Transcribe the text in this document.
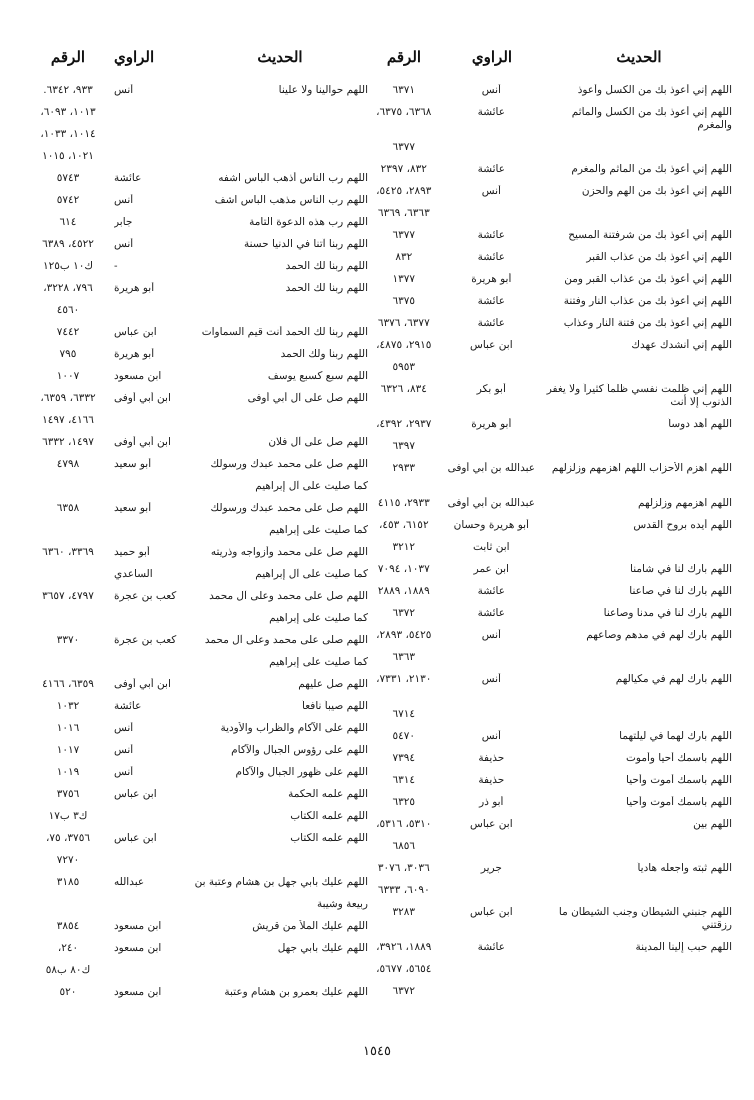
الحديث
الراوي
الرقم
اللهم إني أعوذ بك من الكسل وأعوذ
أنس
٦٣٧١
اللهم إني أعوذ بك من الكسل والمأثم والمغرم
عائشة
٦٣٦٨، ٦٣٧٥،
٦٣٧٧
اللهم إني أعوذ بك من المأثم والمغرم
عائشة
٨٣٢، ٢٣٩٧
اللهم إني أعوذ بك من الهم والحزن
أنس
٢٨٩٣، ٥٤٢٥،
٦٣٦٣، ٦٣٦٩
اللهم إني أعوذ بك من شرفتنة المسيح
عائشة
٦٣٧٧
اللهم إني أعوذ بك من عذاب القبر
عائشة
٨٣٢
اللهم إني أعوذ بك من عذاب القبر ومن
أبو هريرة
١٣٧٧
اللهم إني أعوذ بك من عذاب النار وفتنة
عائشة
٦٣٧٥
اللهم إني أعوذ بك من فتنة النار وعذاب
عائشة
٦٣٧٧، ٦٣٧٦
اللهم إني أنشدك عهدك
ابن عباس
٢٩١٥، ٤٨٧٥،
٥٩٥٣
اللهم إني ظلمت نفسي ظلماً كثيراً ولا يغفر الذنوب إلا أنت
أبو بكر
٨٣٤، ٦٣٢٦
اللهم أهد دوساً
أبو هريرة
٢٩٣٧، ٤٣٩٢،
٦٣٩٧
اللهم اهزم الأحزاب اللهم اهزمهم وزلزلهم
عبدالله بن أبي أوفى
٢٩٣٣
اللهم اهزمهم وزلزلهم
عبدالله بن أبي أوفى
٢٩٣٣، ٤١١٥
اللهم أيده بروح القدس
أبو هريرة وحسان
٦١٥٢، ٤٥٣،
ابن ثابت
٣٢١٢
اللهم بارك لنا في شامنا
ابن عمر
١٠٣٧، ٧٠٩٤
اللهم بارك لنا في صاعنا
عائشة
١٨٨٩، ٢٨٨٩
اللهم بارك لنا في مدنا وصاعنا
عائشة
٦٣٧٢
اللهم بارك لهم في مدهم وصاعهم
أنس
٥٤٢٥، ٢٨٩٣،
٦٣٦٣
اللهم بارك لهم في مكيالهم
أنس
٢١٣٠، ٧٣٣١،
٦٧١٤
اللهم بارك لهما في ليلتهما
أنس
٥٤٧٠
اللهم باسمك أحيا وأموت
حذيفة
٧٣٩٤
اللهم باسمك أموت وأحيا
حذيفة
٦٣١٤
اللهم باسمك أموت وأحيا
أبو ذر
٦٣٢٥
اللهم بين
ابن عباس
٥٣١٠، ٥٣١٦،
٦٨٥٦
اللهم ثبته واجعله هادياً
جرير
٣٠٣٦، ٣٠٧٦
٦٠٩٠، ٦٣٣٣
اللهم جنبني الشيطان وجنب الشيطان ما رزقتني
ابن عباس
٣٢٨٣
اللهم حبب إلينا المدينة
عائشة
١٨٨٩، ٣٩٢٦،
٥٦٥٤، ٥٦٧٧،
٦٣٧٢
الحديث
الراوي
الرقم
اللهم حوالينا ولا علينا
أنس
٩٣٣، ٦٣٤٢.
١٠١٣، ٦٠٩٣،
١٠١٤، ١٠٣٣،
١٠٢١، ١٠١٥
اللهم رب الناس أذهب الباس اشفه
عائشة
٥٧٤٣
اللهم رب الناس مذهب الباس اشف
أنس
٥٧٤٢
اللهم رب هذه الدعوة التامة
جابر
٦١٤
اللهم ربنا آتنا في الدنيا حسنة
أنس
٤٥٢٢، ٦٣٨٩
اللهم ربنا لك الحمد
-
ك١٠ ب١٢٥
اللهم ربنا لك الحمد
أبو هريرة
٧٩٦، ٣٢٢٨،
٤٥٦٠
اللهم ربنا لك الحمد أنت قيم السماوات
ابن عباس
٧٤٤٢
اللهم ربنا ولك الحمد
أبو هريرة
٧٩٥
اللهم سبع كسبع يوسف
ابن مسعود
١٠٠٧
اللهم صل على آل أبي أوفى
ابن أبي أوفى
٦٣٣٢، ٦٣٥٩،
٤١٦٦، ١٤٩٧
اللهم صل على آل فلان
ابن أبي أوفى
١٤٩٧، ٦٣٣٢
اللهم صل على محمد عبدك ورسولك
أبو سعيد
٤٧٩٨
كما صليت على آل إبراهيم
اللهم صل على محمد عبدك ورسولك
أبو سعيد
٦٣٥٨
كما صليت على إبراهيم
اللهم صل على محمد وأزواجه وذريته
أبو حميد
٣٣٦٩، ٦٣٦٠
كما صليت على آل إبراهيم
الساعدي
اللهم صل على محمد وعلى آل محمد
كعب بن عجرة
٤٧٩٧، ٣٦٥٧
كما صليت على إبراهيم
اللهم صلى على محمد وعلى آل محمد
كعب بن عجرة
٣٣٧٠
كما صليت على إبراهيم
اللهم صل عليهم
ابن أبي أوفى
٦٣٥٩، ٤١٦٦
اللهم صيباً نافعاً
عائشة
١٠٣٢
اللهم على الآكام والظراب والأودية
أنس
١٠١٦
اللهم على رؤوس الجبال والآكام
أنس
١٠١٧
اللهم على ظهور الجبال والآكام
أنس
١٠١٩
اللهم علمه الحكمة
ابن عباس
٣٧٥٦
اللهم علمه الكتاب
ك٣ ب١٧
اللهم علمه الكتاب
ابن عباس
٣٧٥٦، ٧٥،
٧٢٧٠
اللهم عليك بأبي جهل بن هشام وعتبة بن
عبدالله
٣١٨٥
ربيعة وشيبة
اللهم عليك الملأ من قريش
ابن مسعود
٣٨٥٤
اللهم عليك بأبي جهل
ابن مسعود
٢٤٠،
ك٨٠ ب٥٨
اللهم عليك بعمرو بن هشام وعتبة
ابن مسعود
٥٢٠
١٥٤٥
